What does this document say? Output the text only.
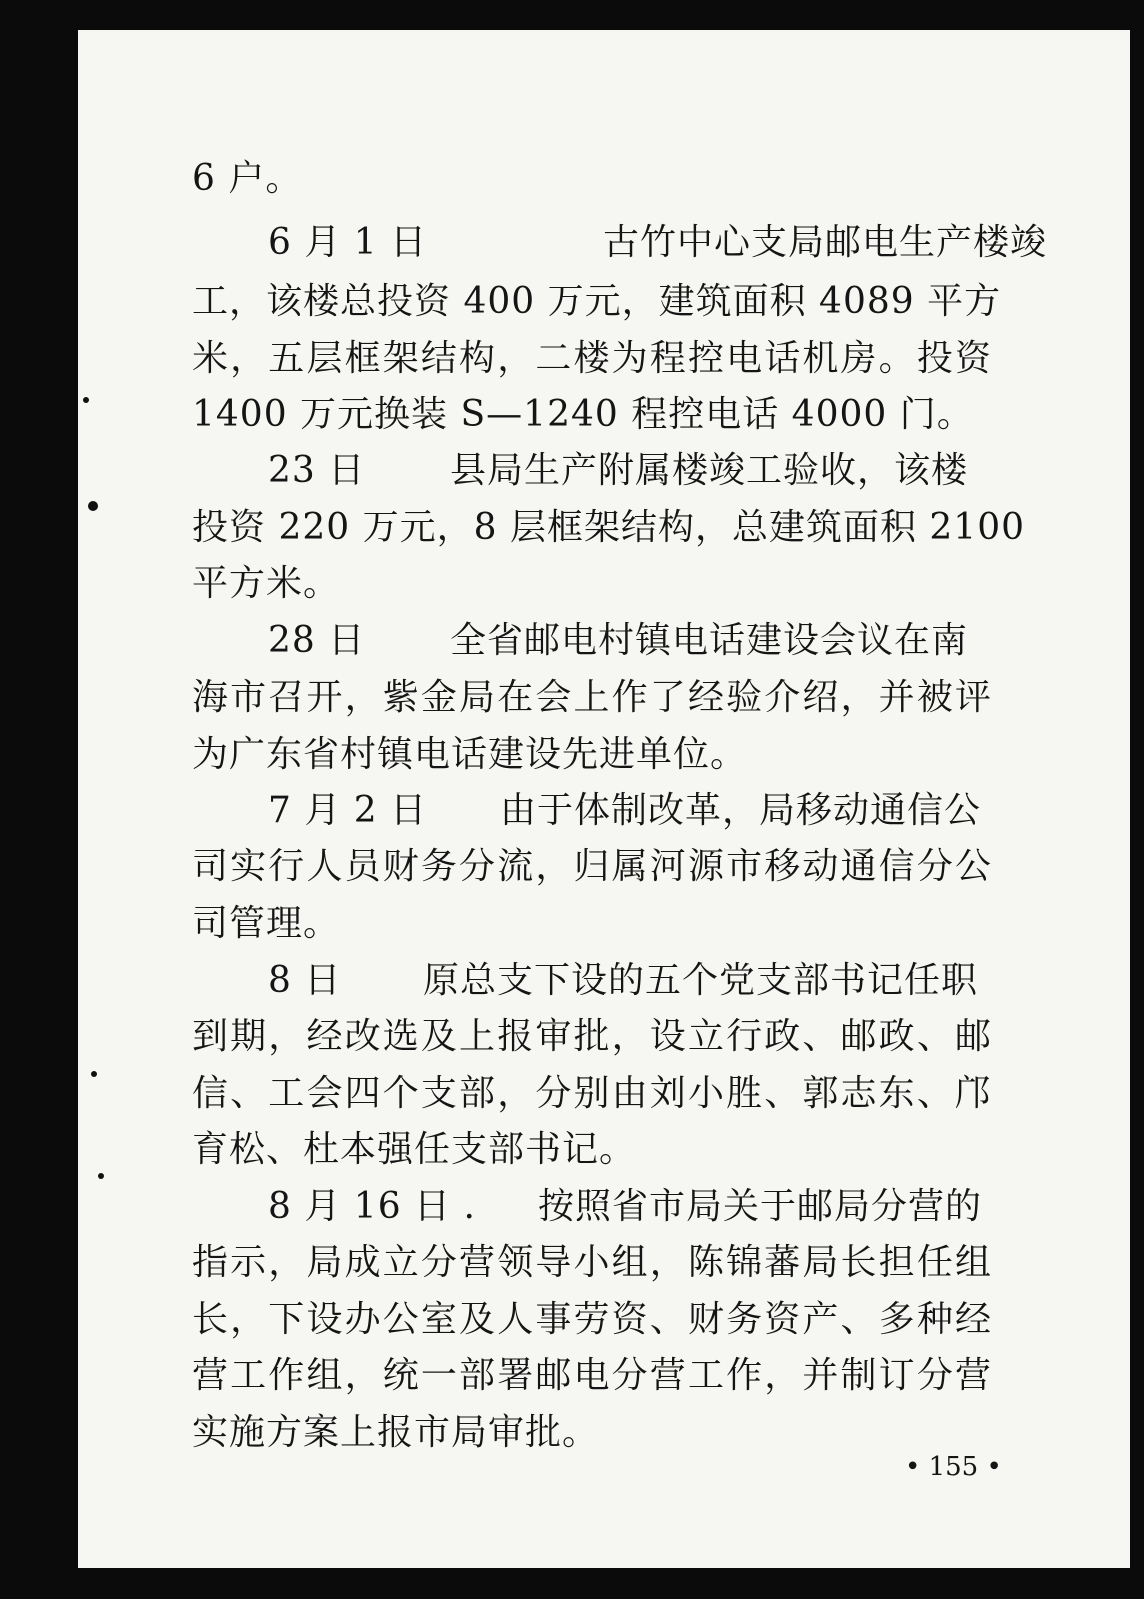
6 户。
6 月 1 日	古竹中心支局邮电生产楼竣
工，该楼总投资 400 万元，建筑面积 4089 平方
米，五层框架结构，二楼为程控电话机房。投资
1400 万元换装 S—1240 程控电话 4000 门。
23 日 县局生产附属楼竣工验收，该楼
投资 220 万元，8 层框架结构，总建筑面积 2100
平方米。
28 日 全省邮电村镇电话建设会议在南
海市召开，紫金局在会上作了经验介绍，并被评
为广东省村镇电话建设先进单位。
7 月 2 日 由于体制改革，局移动通信公
司实行人员财务分流，归属河源市移动通信分公
司管理。
8 日 原总支下设的五个党支部书记任职
到期，经改选及上报审批，设立行政、邮政、邮
信、工会四个支部，分别由刘小胜、郭志东、邝
育松、杜本强任支部书记。
8 月 16 日 . 按照省市局关于邮局分营的
指示，局成立分营领导小组，陈锦蕃局长担任组
长，下设办公室及人事劳资、财务资产、多种经
营工作组，统一部署邮电分营工作，并制订分营
实施方案上报市局审批。
• 155 •
